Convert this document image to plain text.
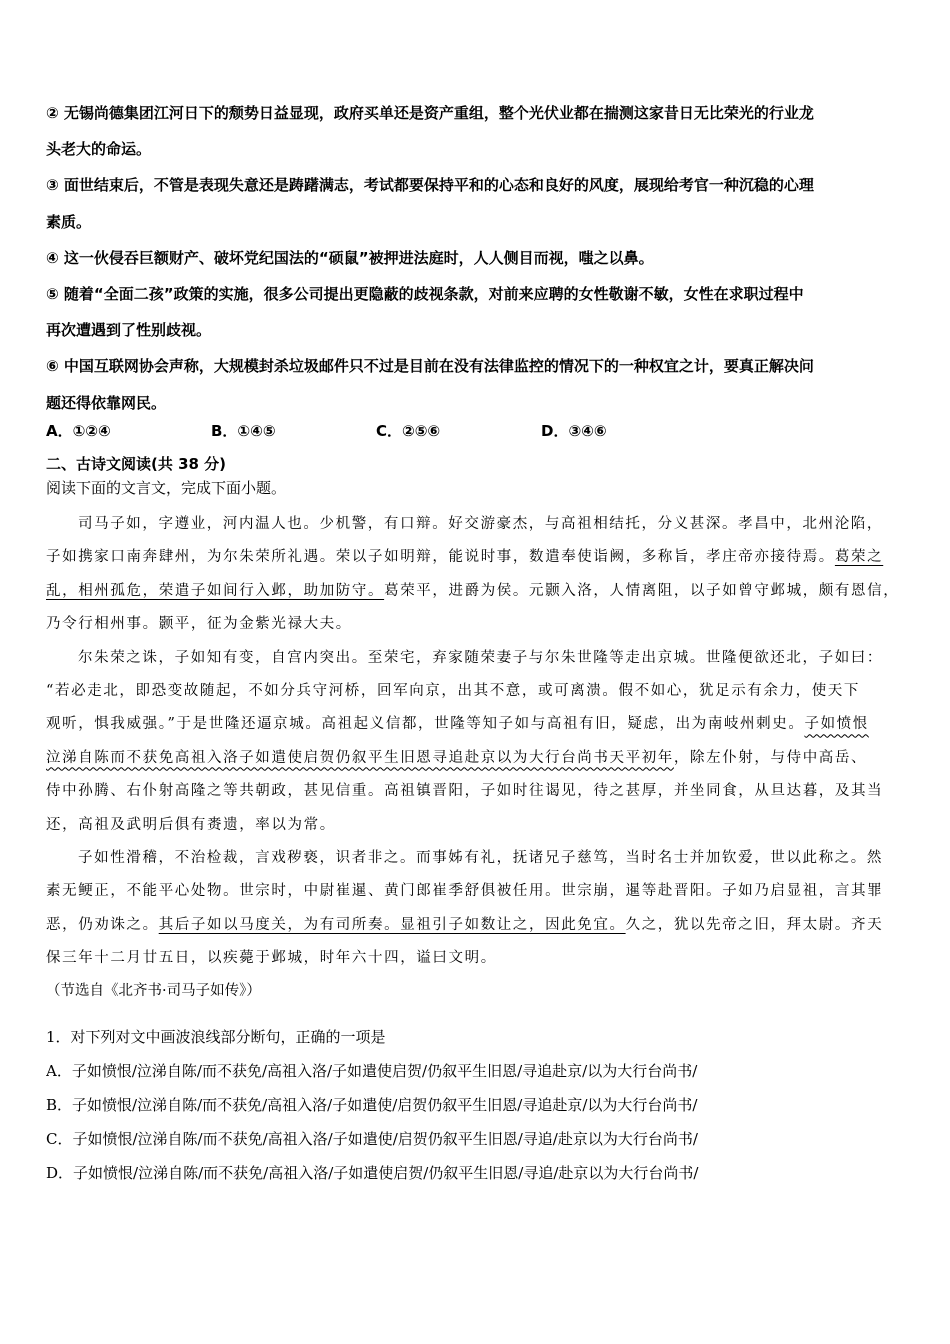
② 无锡尚德集团江河日下的颓势日益显现，政府买单还是资产重组，整个光伏业都在揣测这家昔日无比荣光的行业龙
头老大的命运。
③ 面世结束后，不管是表现失意还是踌躇满志，考试都要保持平和的心态和良好的风度，展现给考官一种沉稳的心理
素质。
④ 这一伙侵吞巨额财产、破坏党纪国法的“硕鼠”被押进法庭时，人人侧目而视，嗤之以鼻。
⑤ 随着“全面二孩”政策的实施，很多公司提出更隐蔽的歧视条款，对前来应聘的女性敬谢不敏，女性在求职过程中
再次遭遇到了性别歧视。
⑥ 中国互联网协会声称，大规模封杀垃圾邮件只不过是目前在没有法律监控的情况下的一种权宜之计，要真正解决问
题还得依靠网民。
A．①②④	B．①④⑤	C．②⑤⑥	D．③④⑥
二、古诗文阅读(共 38 分)
阅读下面的文言文，完成下面小题。
司马子如，字遵业，河内温人也。少机警，有口辩。好交游豪杰，与高祖相结托，分义甚深。孝昌中，北州沦陷，
子如携家口南奔肆州，为尔朱荣所礼遇。荣以子如明辩，能说时事，数遣奉使诣阙，多称旨，孝庄帝亦接待焉。葛荣之
乱，相州孤危，荣遣子如间行入邺，助加防守。葛荣平，进爵为侯。元颢入洛，人情离阻，以子如曾守邺城，颇有恩信，
乃令行相州事。颢平，征为金紫光禄大夫。
尔朱荣之诛，子如知有变，自宫内突出。至荣宅，弃家随荣妻子与尔朱世隆等走出京城。世隆便欲还北，子如曰：
“若必走北，即恐变故随起，不如分兵守河桥，回军向京，出其不意，或可离溃。假不如心，犹足示有余力，使天下
观听，惧我威强。”于是世隆还逼京城。高祖起义信都，世隆等知子如与高祖有旧，疑虑，出为南岐州刺史。子如愤恨
泣涕自陈而不获免高祖入洛子如遣使启贺仍叙平生旧恩寻追赴京以为大行台尚书天平初年，除左仆射，与侍中高岳、
侍中孙腾、右仆射高隆之等共朝政，甚见信重。高祖镇晋阳，子如时往谒见，待之甚厚，并坐同食，从旦达暮，及其当
还，高祖及武明后俱有赉遗，率以为常。
子如性滑稽，不治检裁，言戏秽亵，识者非之。而事姊有礼，抚诸兄子慈笃，当时名士并加钦爱，世以此称之。然
素无鲠正，不能平心处物。世宗时，中尉崔暹、黄门郎崔季舒俱被任用。世宗崩，暹等赴晋阳。子如乃启显祖，言其罪
恶，仍劝诛之。其后子如以马度关，为有司所奏。显祖引子如数让之，因此免宜。久之，犹以先帝之旧，拜太尉。齐天
保三年十二月廿五日，以疾薨于邺城，时年六十四，谥曰文明。
（节选自《北齐书·司马子如传》）
1．对下列对文中画波浪线部分断句，正确的一项是
A．子如愤恨/泣涕自陈/而不获免/高祖入洛/子如遣使启贺/仍叙平生旧恩/寻追赴京/以为大行台尚书/
B．子如愤恨/泣涕自陈/而不获免/高祖入洛/子如遣使/启贺仍叙平生旧恩/寻追赴京/以为大行台尚书/
C．子如愤恨/泣涕自陈/而不获免/高祖入洛/子如遣使/启贺仍叙平生旧恩/寻追/赴京以为大行台尚书/
D．子如愤恨/泣涕自陈/而不获免/高祖入洛/子如遣使启贺/仍叙平生旧恩/寻追/赴京以为大行台尚书/
